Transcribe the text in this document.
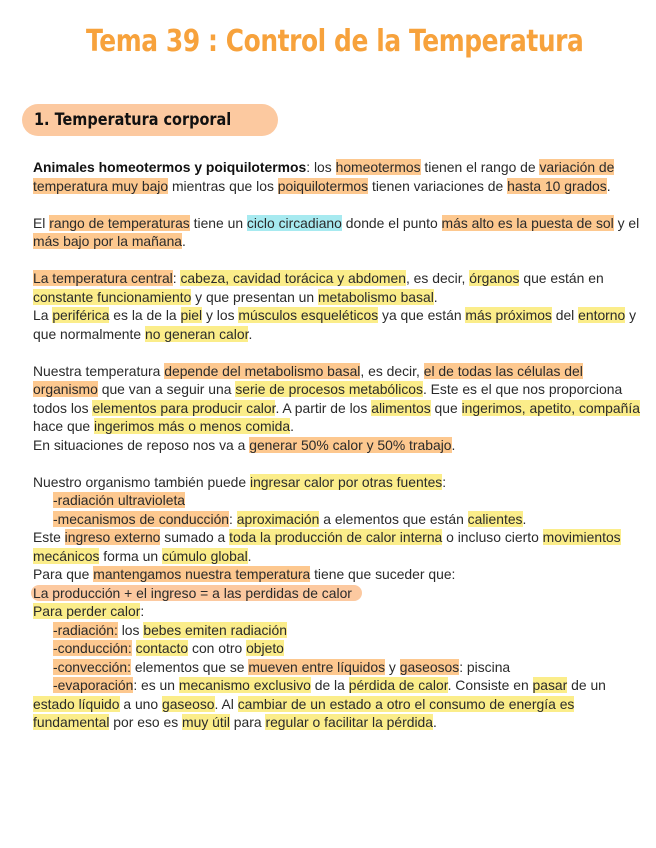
Tema 39 : Control de la Temperatura
1. Temperatura corporal

Animales homeotermos y poiquilotermos: los homeotermos tienen el rango de variación de temperatura muy bajo mientras que los poiquilotermos tienen variaciones de hasta 10 grados.

El rango de temperaturas tiene un ciclo circadiano donde el punto más alto es la puesta de sol y el más bajo por la mañana.

La temperatura central: cabeza, cavidad torácica y abdomen, es decir, órganos que están en constante funcionamiento y que presentan un metabolismo basal.

La periférica es la de la piel y los músculos esqueléticos ya que están más próximos del entorno y que normalmente no generan calor.

Nuestra temperatura depende del metabolismo basal, es decir, el de todas las células del organismo que van a seguir una serie de procesos metabólicos. Este es el que nos proporciona todos los elementos para producir calor. A partir de los alimentos que ingerimos, apetito, compañía hace que ingerimos más o menos comida.

En situaciones de reposo nos va a generar 50% calor y 50% trabajo.

Nuestro organismo también puede ingresar calor por otras fuentes:

-radiación ultravioleta

-mecanismos de conducción: aproximación a elementos que están calientes.

Este ingreso externo sumado a toda la producción de calor interna o incluso cierto movimientos mecánicos forma un cúmulo global.

Para que mantengamos nuestra temperatura tiene que suceder que:

La producción + el ingreso = a las perdidas de calor

Para perder calor:

-radiación: los bebes emiten radiación

-conducción: contacto con otro objeto

-convección: elementos que se mueven entre líquidos y gaseosos: piscina

-evaporación: es un mecanismo exclusivo de la pérdida de calor. Consiste en pasar de un estado líquido a uno gaseoso. Al cambiar de un estado a otro el consumo de energía es fundamental por eso es muy útil para regular o facilitar la pérdida.
